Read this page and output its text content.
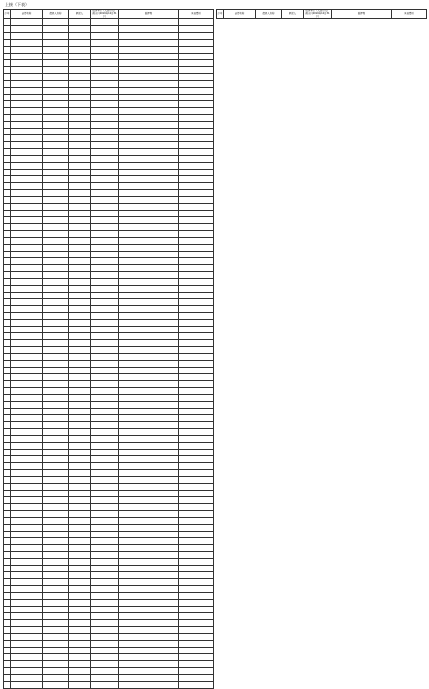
上接（下表）
序号	获得名称	债务人名称	担保人	债务本金（人民币元）截止日2019年12月31日	抵押物	其他费用

							序号	获得名称	债务人名称	担保人	债务本金（人民币元）截止日2019年12月31日	抵押物	其他费用
